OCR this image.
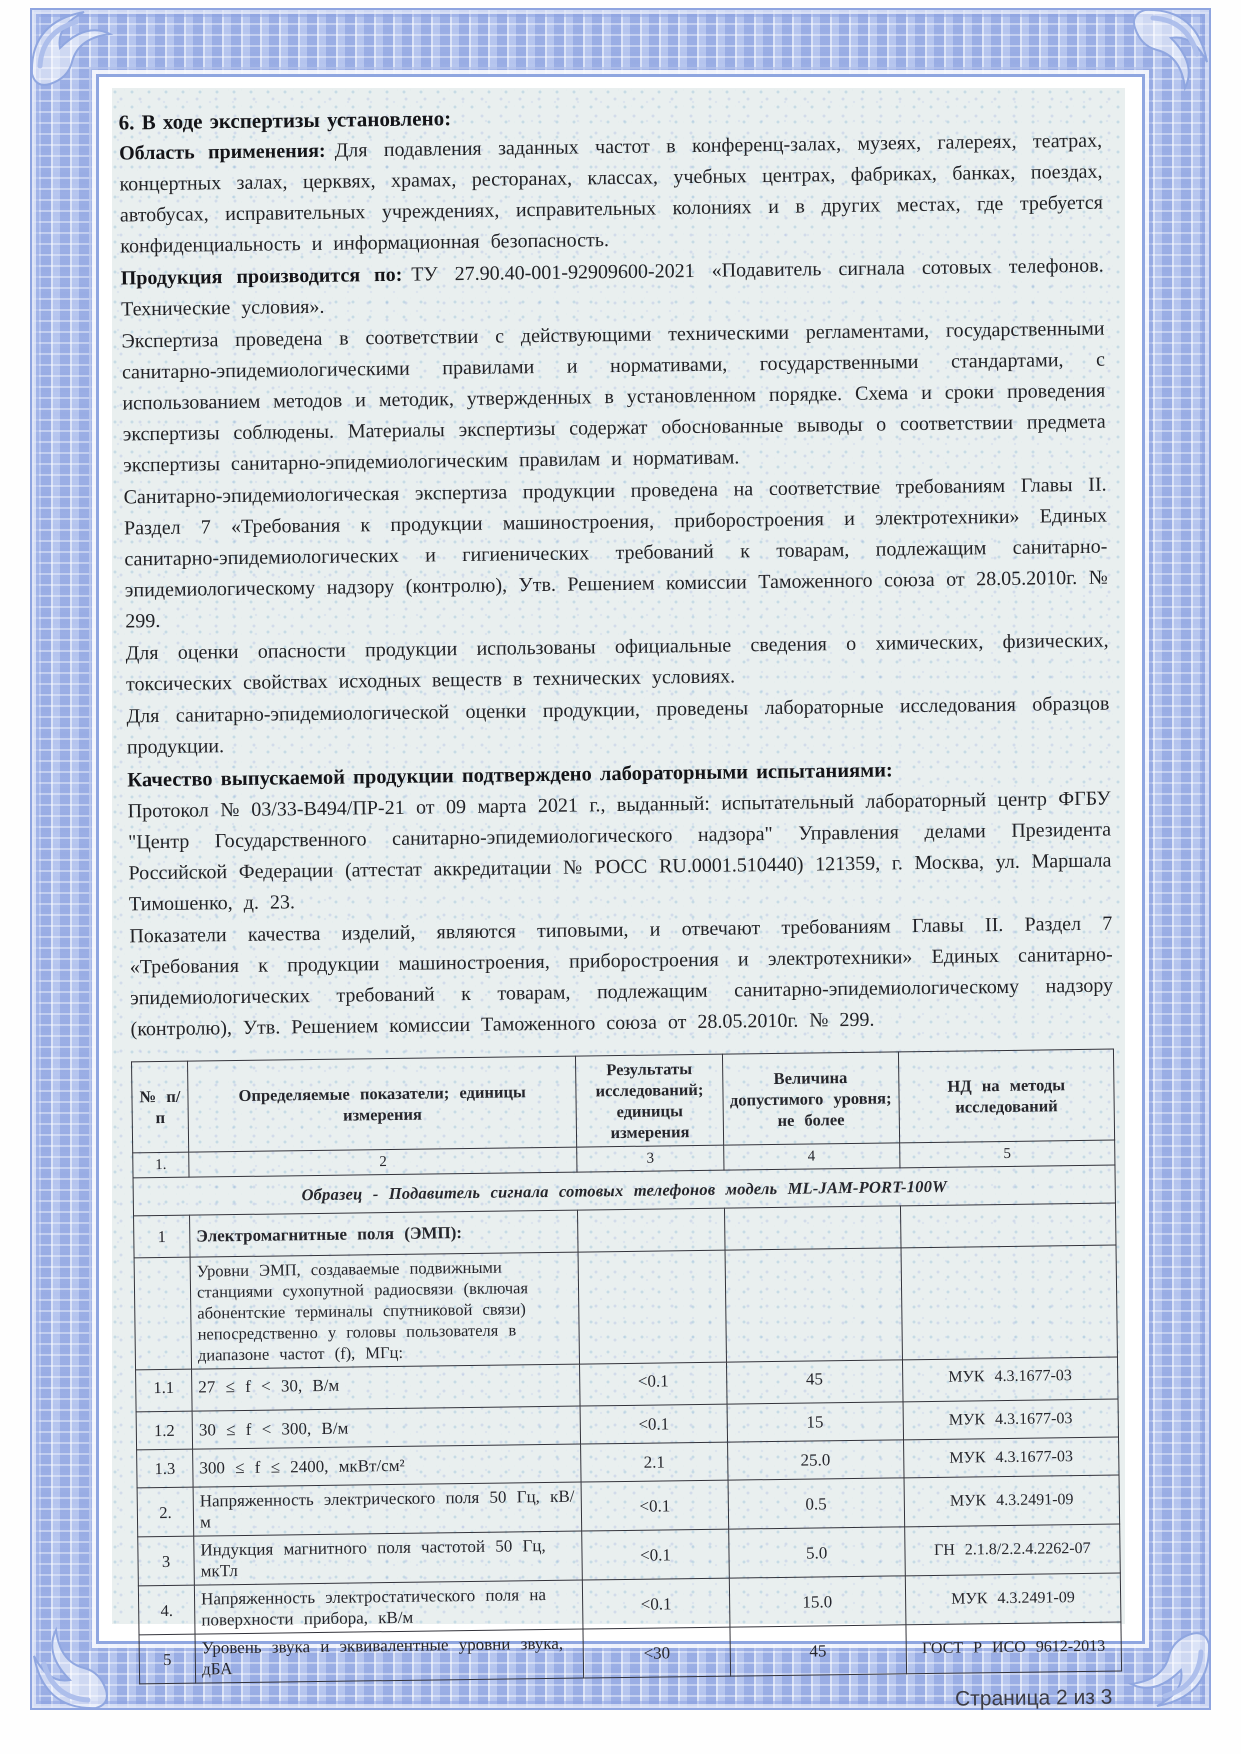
6. В ходе экспертизы установлено:

Область применения: Для подавления заданных частот в конференц-залах, музеях, галереях, театрах, концертных залах, церквях, храмах, ресторанах, классах, учебных центрах, фабриках, банках, поездах, автобусах, исправительных учреждениях, исправительных колониях и в других местах, где требуется конфиденциальность и информационная безопасность.

Продукция производится по: ТУ 27.90.40-001-92909600-2021 «Подавитель сигнала сотовых телефонов. Технические условия».

Экспертиза проведена в соответствии с действующими техническими регламентами, государственными санитарно-эпидемиологическими правилами и нормативами, государственными стандартами, с использованием методов и методик, утвержденных в установленном порядке. Схема и сроки проведения экспертизы соблюдены. Материалы экспертизы содержат обоснованные выводы о соответствии предмета экспертизы санитарно-эпидемиологическим правилам и нормативам.

Санитарно-эпидемиологическая экспертиза продукции проведена на соответствие требованиям Главы II. Раздел 7 «Требования к продукции машиностроения, приборостроения и электротехники» Единых санитарно-эпидемиологических и гигиенических требований к товарам, подлежащим санитарно-эпидемиологическому надзору (контролю), Утв. Решением комиссии Таможенного союза от 28.05.2010г. № 299.

Для оценки опасности продукции использованы официальные сведения о химических, физических, токсических свойствах исходных веществ в технических условиях.

Для санитарно-эпидемиологической оценки продукции, проведены лабораторные исследования образцов продукции.

Качество выпускаемой продукции подтверждено лабораторными испытаниями:

Протокол № 03/33-В494/ПР-21 от 09 марта 2021 г., выданный: испытательный лабораторный центр ФГБУ "Центр Государственного санитарно-эпидемиологического надзора" Управления делами Президента Российской Федерации (аттестат аккредитации № РОСС RU.0001.510440) 121359, г. Москва, ул. Маршала Тимошенко, д. 23.

Показатели качества изделий, являются типовыми, и отвечают требованиям Главы II. Раздел 7 «Требования к продукции машиностроения, приборостроения и электротехники» Единых санитарно-эпидемиологических требований к товарам, подлежащим санитарно-эпидемиологическому надзору (контролю), Утв. Решением комиссии Таможенного союза от 28.05.2010г. № 299.

№ п/п	Определяемые показатели; единицы измерения	Результаты исследований; единицы измерения	Величина допустимого уровня; не более	НД на методы исследований
1.	2	3	4	5
Образец - Подавитель сигнала сотовых телефонов модель ML-JAM-PORT-100W				
1	Электромагнитные поля (ЭМП):			
	Уровни ЭМП, создаваемые подвижными станциями сухопутной радиосвязи (включая абонентские терминалы спутниковой связи) непосредственно у головы пользователя в диапазоне частот (f), МГц:			
1.1	27 ≤ f < 30, В/м	<0.1	45	МУК 4.3.1677-03
1.2	30 ≤ f < 300, В/м	<0.1	15	МУК 4.3.1677-03
1.3	300 ≤ f ≤ 2400, мкВт/см²	2.1	25.0	МУК 4.3.1677-03
2.	Напряженность электрического поля 50 Гц, кВ/м	<0.1	0.5	МУК 4.3.2491-09
3	Индукция магнитного поля частотой 50 Гц, мкТл	<0.1	5.0	ГН 2.1.8/2.2.4.2262-07
4.	Напряженность электростатического поля на поверхности прибора, кВ/м	<0.1	15.0	МУК 4.3.2491-09
5	Уровень звука и эквивалентные уровни звука, дБА	<30	45	ГОСТ Р ИСО 9612-2013
Страница 2 из 3
